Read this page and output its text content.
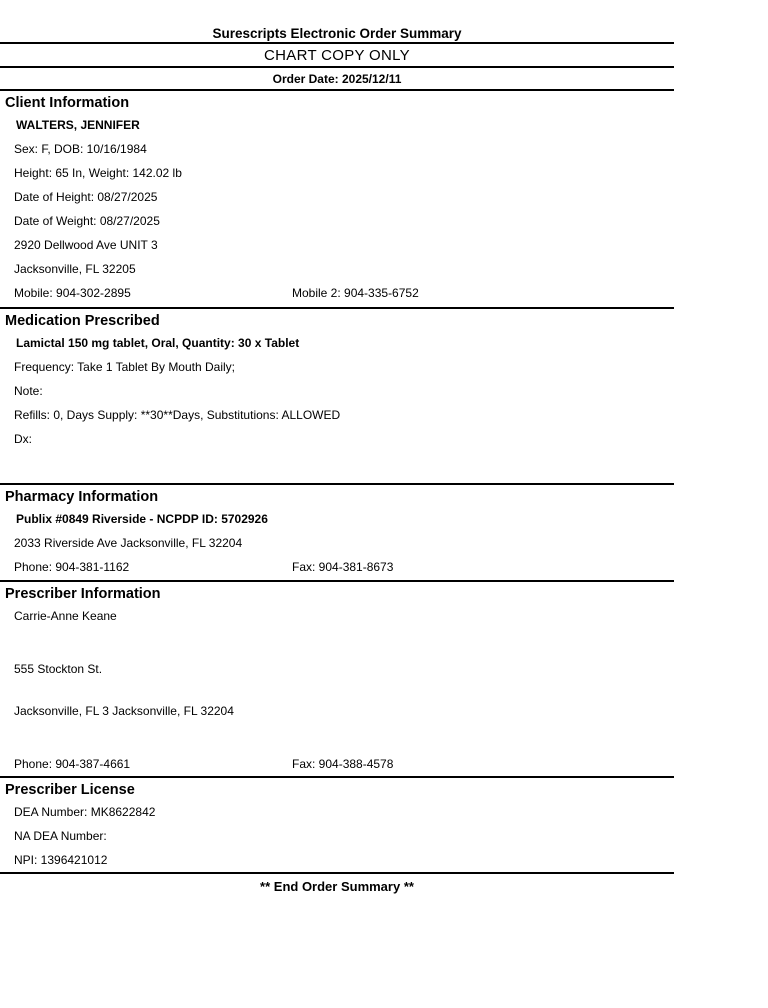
Surescripts Electronic Order Summary
CHART COPY ONLY
Order Date: 2025/12/11
Client Information
WALTERS, JENNIFER
Sex: F, DOB: 10/16/1984
Height: 65 In, Weight: 142.02 lb
Date of Height: 08/27/2025
Date of Weight: 08/27/2025
2920 Dellwood Ave UNIT 3
Jacksonville, FL 32205
Mobile: 904-302-2895	Mobile 2: 904-335-6752
Medication Prescribed
Lamictal 150 mg tablet, Oral, Quantity: 30 x Tablet
Frequency: Take 1 Tablet By Mouth Daily;
Note:
Refills: 0, Days Supply: **30**Days, Substitutions: ALLOWED
Dx:
Pharmacy Information
Publix #0849 Riverside - NCPDP ID: 5702926
2033 Riverside Ave Jacksonville, FL 32204
Phone: 904-381-1162	Fax: 904-381-8673
Prescriber Information
Carrie-Anne Keane

555 Stockton St.

Jacksonville, FL 3 Jacksonville, FL 32204

Phone: 904-387-4661	Fax: 904-388-4578
Prescriber License
DEA Number: MK8622842
NA DEA Number:
NPI: 1396421012
** End Order Summary **
